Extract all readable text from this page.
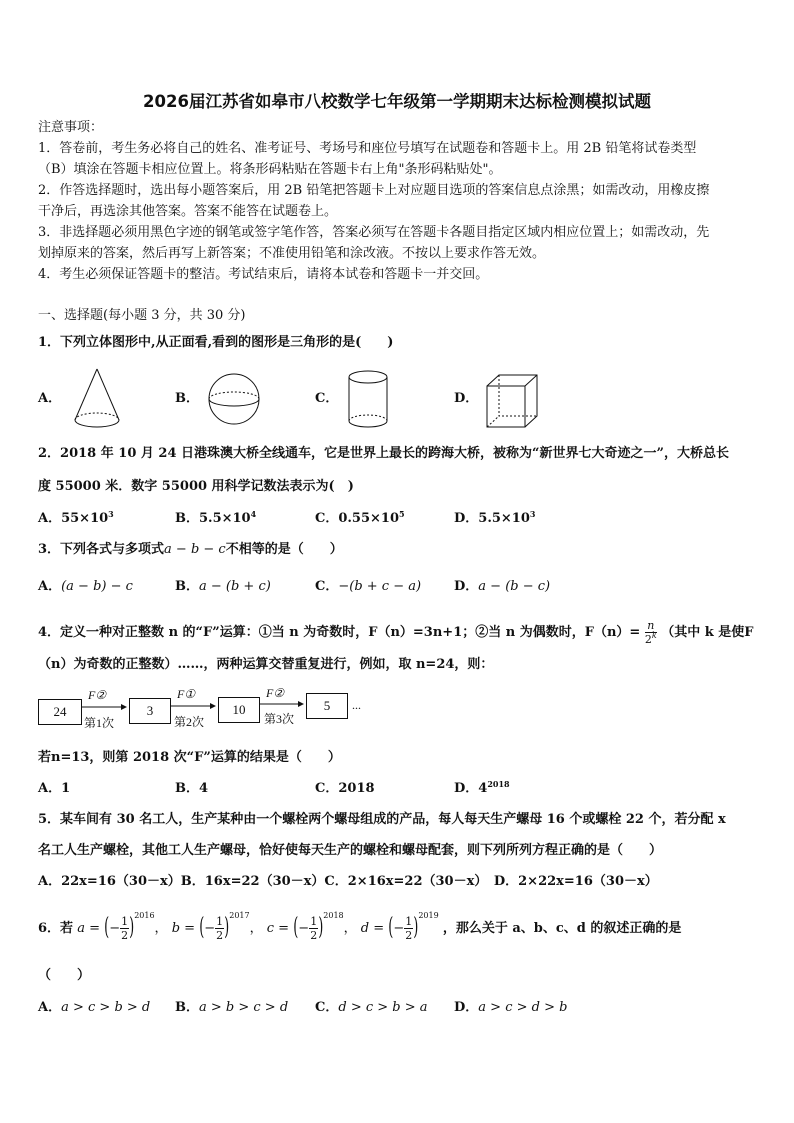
2026届江苏省如皋市八校数学七年级第一学期期末达标检测模拟试题
注意事项：
1．答卷前，考生务必将自己的姓名、准考证号、考场号和座位号填写在试题卷和答题卡上。用 2B 铅笔将试卷类型
（B）填涂在答题卡相应位置上。将条形码粘贴在答题卡右上角"条形码粘贴处"。
2．作答选择题时，选出每小题答案后，用 2B 铅笔把答题卡上对应题目选项的答案信息点涂黑；如需改动，用橡皮擦
干净后，再选涂其他答案。答案不能答在试题卷上。
3．非选择题必须用黑色字迹的钢笔或签字笔作答，答案必须写在答题卡各题目指定区域内相应位置上；如需改动，先
划掉原来的答案，然后再写上新答案；不准使用铅笔和涂改液。不按以上要求作答无效。
4．考生必须保证答题卡的整洁。考试结束后，请将本试卷和答题卡一并交回。
一、选择题(每小题 3 分，共 30 分)
1．下列立体图形中,从正面看,看到的图形是三角形的是(　　)
A．	B．	C．	D．
2．2018 年 10 月 24 日港珠澳大桥全线通车，它是世界上最长的跨海大桥，被称为“新世界七大奇迹之一”，大桥总长
度 55000 米．数字 55000 用科学记数法表示为(　)
A．$55\times 10^3$	B．$5.5\times 10^4$	C．$0.55\times 10^5$	D．$5.5\times 10^3$
3．下列各式与多项式a − b − c不相等的是（　　）
A．(a − b) − c	B．a − (b + c)	C．−(b + c − a)	D．a − (b − c)
4．定义一种对正整数 n 的“F”运算：①当 n 为奇数时，F（n）=3n+1；②当 n 为偶数时，$F(n)= \frac{n}{2^k}$ （其中 k 是使F
（n）为奇数的正整数）……，两种运算交替重复进行，例如，取 n=24，则：
24	3	10	5	...
F②	F①	F②
第1次	第2次	第3次
若n=13，则第 2018 次“F”运算的结果是（　　）
A．1	B．4	C．2018	D．$4^{2018}$
5．某车间有 30 名工人，生产某种由一个螺栓两个螺母组成的产品，每人每天生产螺母 16 个或螺栓 22 个，若分配 x
名工人生产螺栓，其他工人生产螺母，恰好使每天生产的螺栓和螺母配套，则下列所列方程正确的是（　　）
A．22x=16（30－x）B．16x=22（30－x）C．2×16x=22（30－x）　D．2×22x=16（30－x）
6．若 a = (− $\frac{1}{2} )^{2016}$， b = (− $\frac{1}{2} )^{2017}$， c = (− $\frac{1}{2} )^{2018}$， d = (− $\frac{1}{2} )^{2019}$ ，那么关于 a、b、c、d 的叙述正确的是
（　　）
A．a > c > b > d B．a > b > c > d C．d > c > b > a D．a > c > d > b
